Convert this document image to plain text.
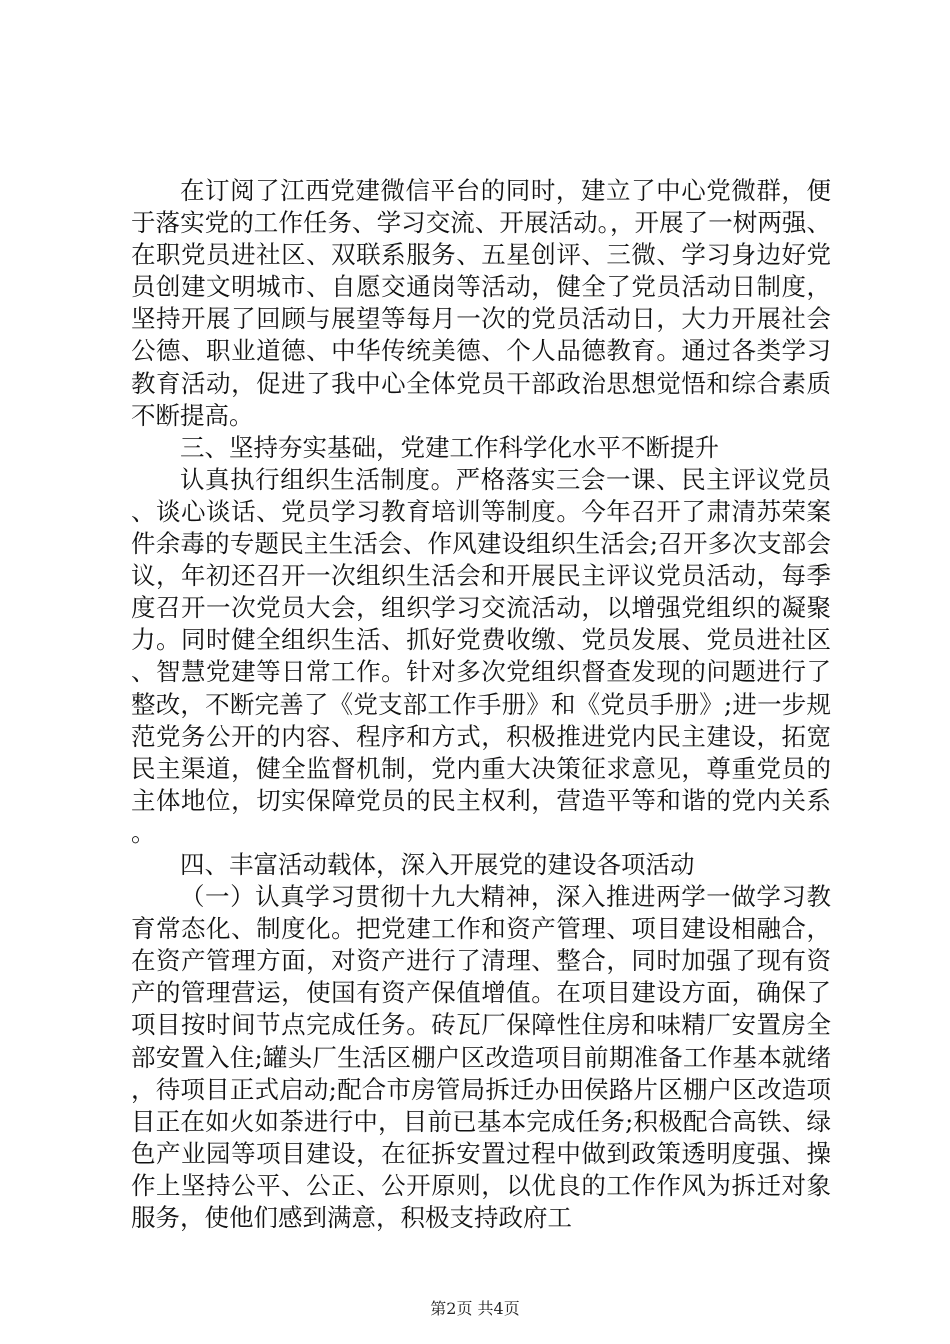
在订阅了江西党建微信平台的同时，建立了中心党微群，便于落实党的工作任务、学习交流、开展活动。，开展了一树两强、在职党员进社区、双联系服务、五星创评、三微、学习身边好党员创建文明城市、自愿交通岗等活动，健全了党员活动日制度，坚持开展了回顾与展望等每月一次的党员活动日，大力开展社会公德、职业道德、中华传统美德、个人品德教育。通过各类学习教育活动，促进了我中心全体党员干部政治思想觉悟和综合素质不断提高。

三、坚持夯实基础，党建工作科学化水平不断提升

认真执行组织生活制度。严格落实三会一课、民主评议党员、谈心谈话、党员学习教育培训等制度。今年召开了肃清苏荣案件余毒的专题民主生活会、作风建设组织生活会;召开多次支部会议，年初还召开一次组织生活会和开展民主评议党员活动，每季度召开一次党员大会，组织学习交流活动，以增强党组织的凝聚力。同时健全组织生活、抓好党费收缴、党员发展、党员进社区、智慧党建等日常工作。针对多次党组织督查发现的问题进行了整改，不断完善了《党支部工作手册》和《党员手册》;进一步规范党务公开的内容、程序和方式，积极推进党内民主建设，拓宽民主渠道，健全监督机制，党内重大决策征求意见，尊重党员的主体地位，切实保障党员的民主权利，营造平等和谐的党内关系。

四、丰富活动载体，深入开展党的建设各项活动

（一）认真学习贯彻十九大精神，深入推进两学一做学习教育常态化、制度化。把党建工作和资产管理、项目建设相融合，在资产管理方面，对资产进行了清理、整合，同时加强了现有资产的管理营运，使国有资产保值增值。在项目建设方面，确保了项目按时间节点完成任务。砖瓦厂保障性住房和味精厂安置房全部安置入住;罐头厂生活区棚户区改造项目前期准备工作基本就绪，待项目正式启动;配合市房管局拆迁办田侯路片区棚户区改造项目正在如火如荼进行中，目前已基本完成任务;积极配合高铁、绿色产业园等项目建设，在征拆安置过程中做到政策透明度强、操作上坚持公平、公正、公开原则，以优良的工作作风为拆迁对象服务，使他们感到满意，积极支持政府工

第2页 共4页
